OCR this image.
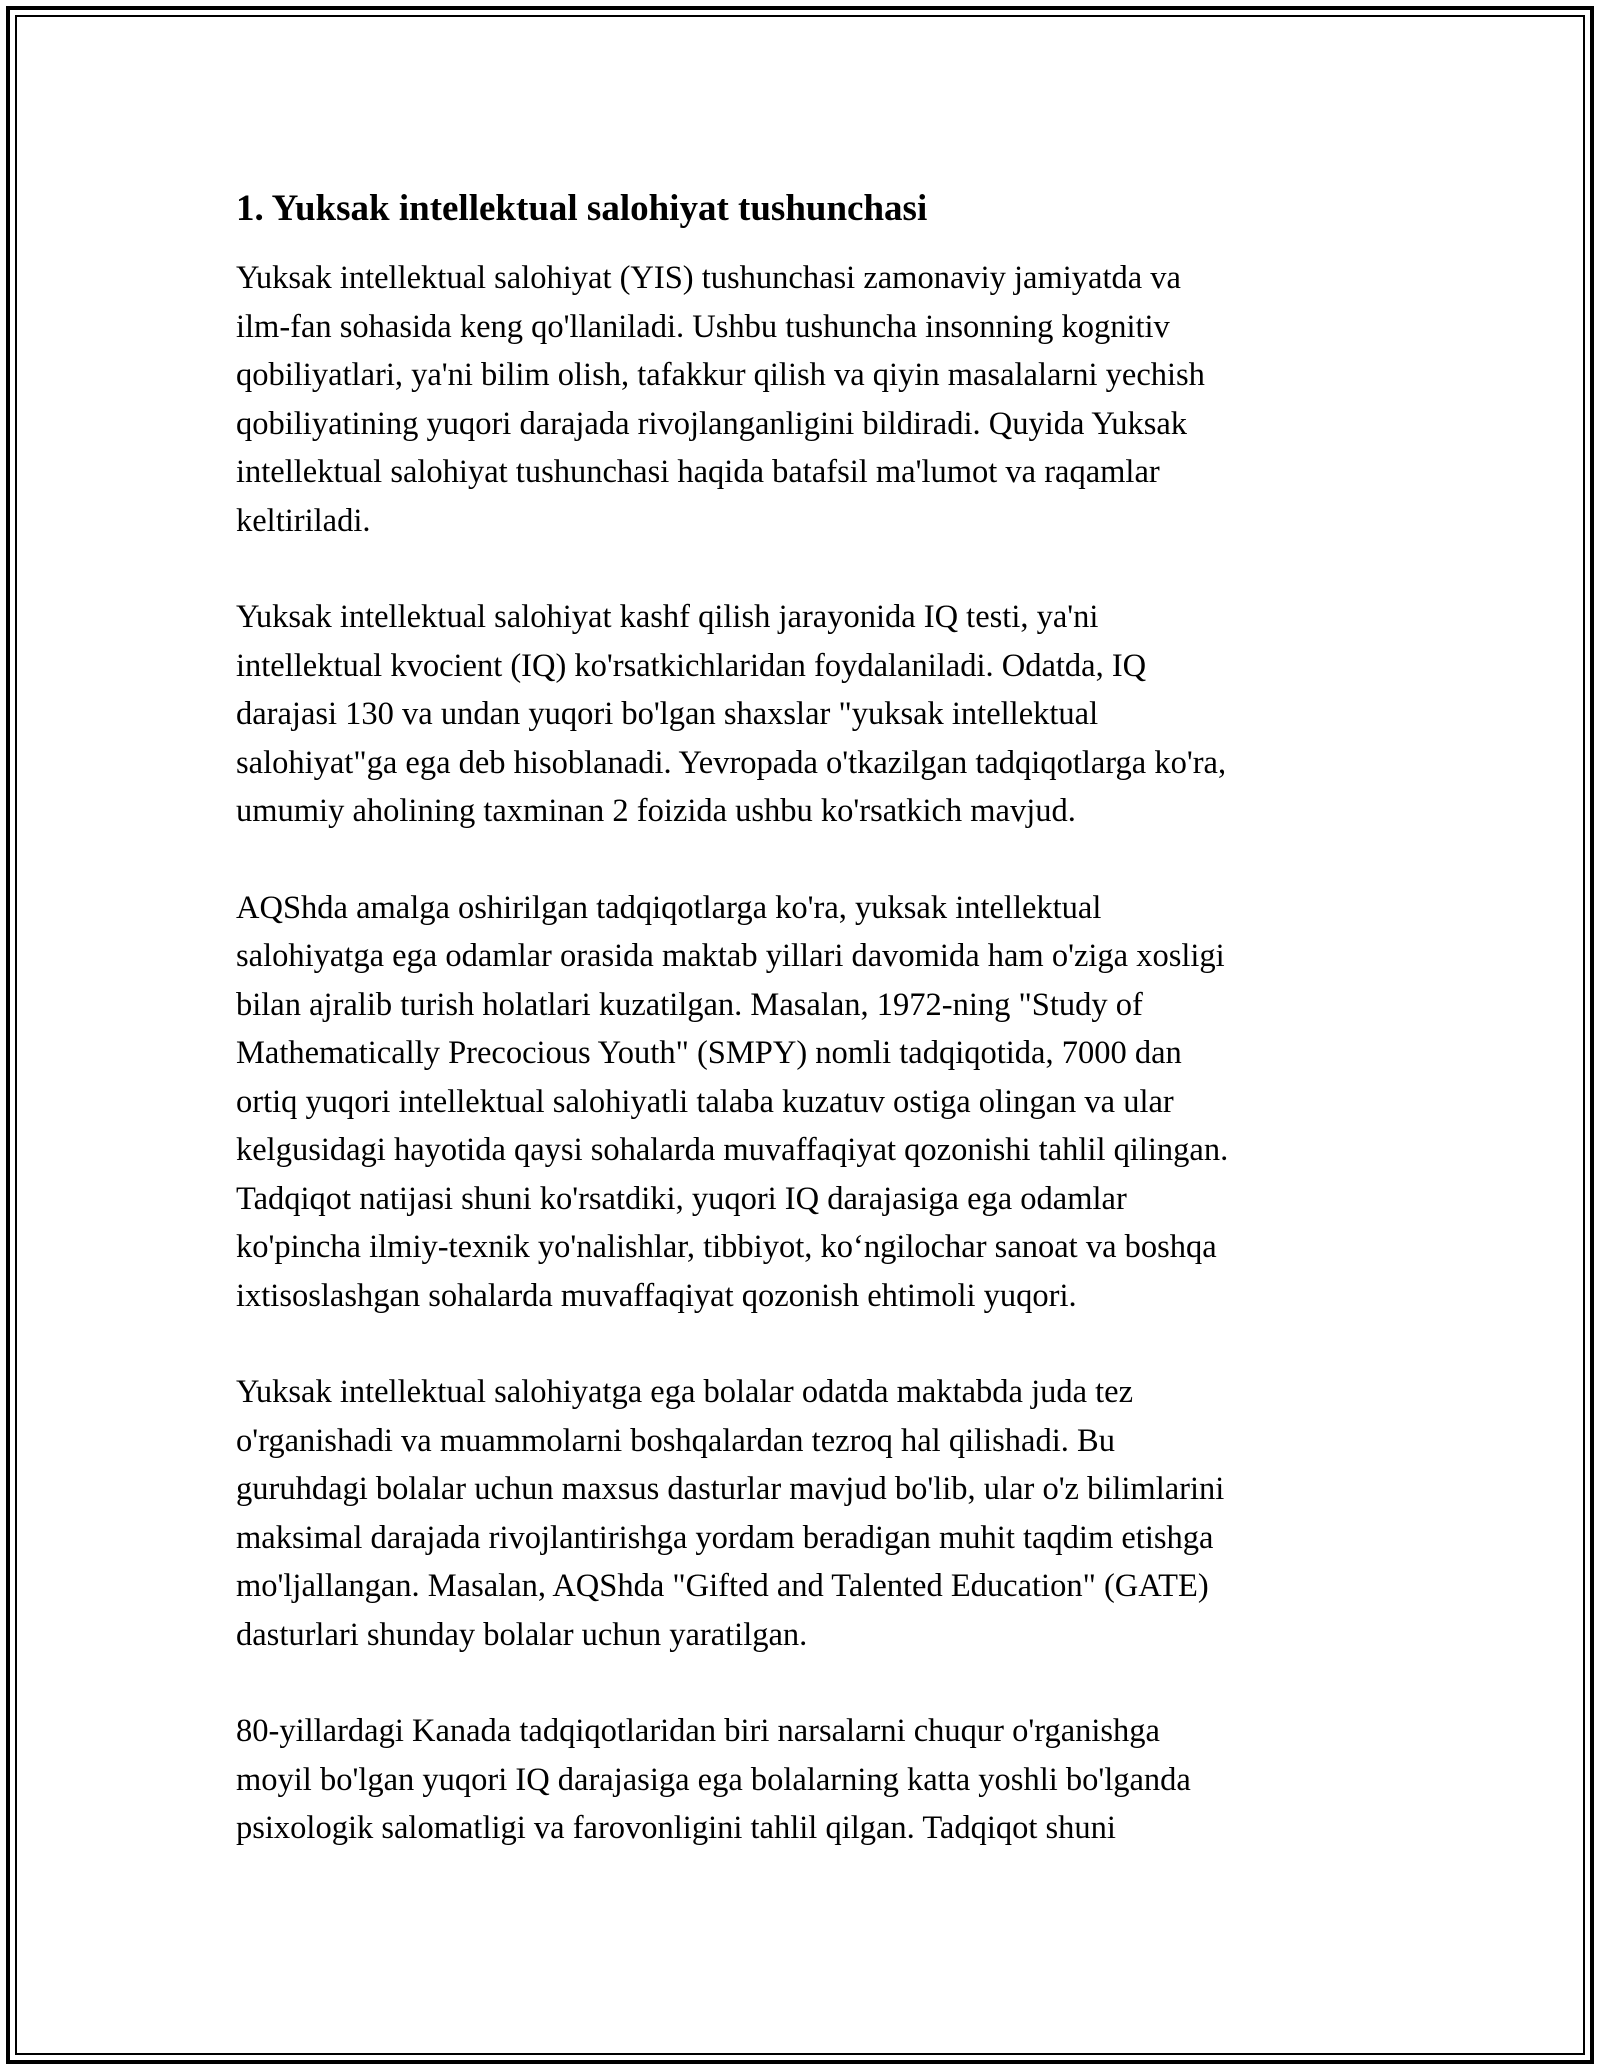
1. Yuksak intellektual salohiyat tushunchasi

Yuksak intellektual salohiyat (YIS) tushunchasi zamonaviy jamiyatda va
ilm-fan sohasida keng qo'llaniladi. Ushbu tushuncha insonning kognitiv
qobiliyatlari, ya'ni bilim olish, tafakkur qilish va qiyin masalalarni yechish
qobiliyatining yuqori darajada rivojlanganligini bildiradi. Quyida Yuksak
intellektual salohiyat tushunchasi haqida batafsil ma'lumot va raqamlar
keltiriladi.

Yuksak intellektual salohiyat kashf qilish jarayonida IQ testi, ya'ni
intellektual kvocient (IQ) ko'rsatkichlaridan foydalaniladi. Odatda, IQ
darajasi 130 va undan yuqori bo'lgan shaxslar "yuksak intellektual
salohiyat"ga ega deb hisoblanadi. Yevropada o'tkazilgan tadqiqotlarga ko'ra,
umumiy aholining taxminan 2 foizida ushbu ko'rsatkich mavjud.

AQShda amalga oshirilgan tadqiqotlarga ko'ra, yuksak intellektual
salohiyatga ega odamlar orasida maktab yillari davomida ham o'ziga xosligi
bilan ajralib turish holatlari kuzatilgan. Masalan, 1972-ning "Study of
Mathematically Precocious Youth" (SMPY) nomli tadqiqotida, 7000 dan
ortiq yuqori intellektual salohiyatli talaba kuzatuv ostiga olingan va ular
kelgusidagi hayotida qaysi sohalarda muvaffaqiyat qozonishi tahlil qilingan.
Tadqiqot natijasi shuni ko'rsatdiki, yuqori IQ darajasiga ega odamlar
ko'pincha ilmiy-texnik yo'nalishlar, tibbiyot, ko‘ngilochar sanoat va boshqa
ixtisoslashgan sohalarda muvaffaqiyat qozonish ehtimoli yuqori.

Yuksak intellektual salohiyatga ega bolalar odatda maktabda juda tez
o'rganishadi va muammolarni boshqalardan tezroq hal qilishadi. Bu
guruhdagi bolalar uchun maxsus dasturlar mavjud bo'lib, ular o'z bilimlarini
maksimal darajada rivojlantirishga yordam beradigan muhit taqdim etishga
mo'ljallangan. Masalan, AQShda "Gifted and Talented Education" (GATE)
dasturlari shunday bolalar uchun yaratilgan.

80-yillardagi Kanada tadqiqotlaridan biri narsalarni chuqur o'rganishga
moyil bo'lgan yuqori IQ darajasiga ega bolalarning katta yoshli bo'lganda
psixologik salomatligi va farovonligini tahlil qilgan. Tadqiqot shuni
